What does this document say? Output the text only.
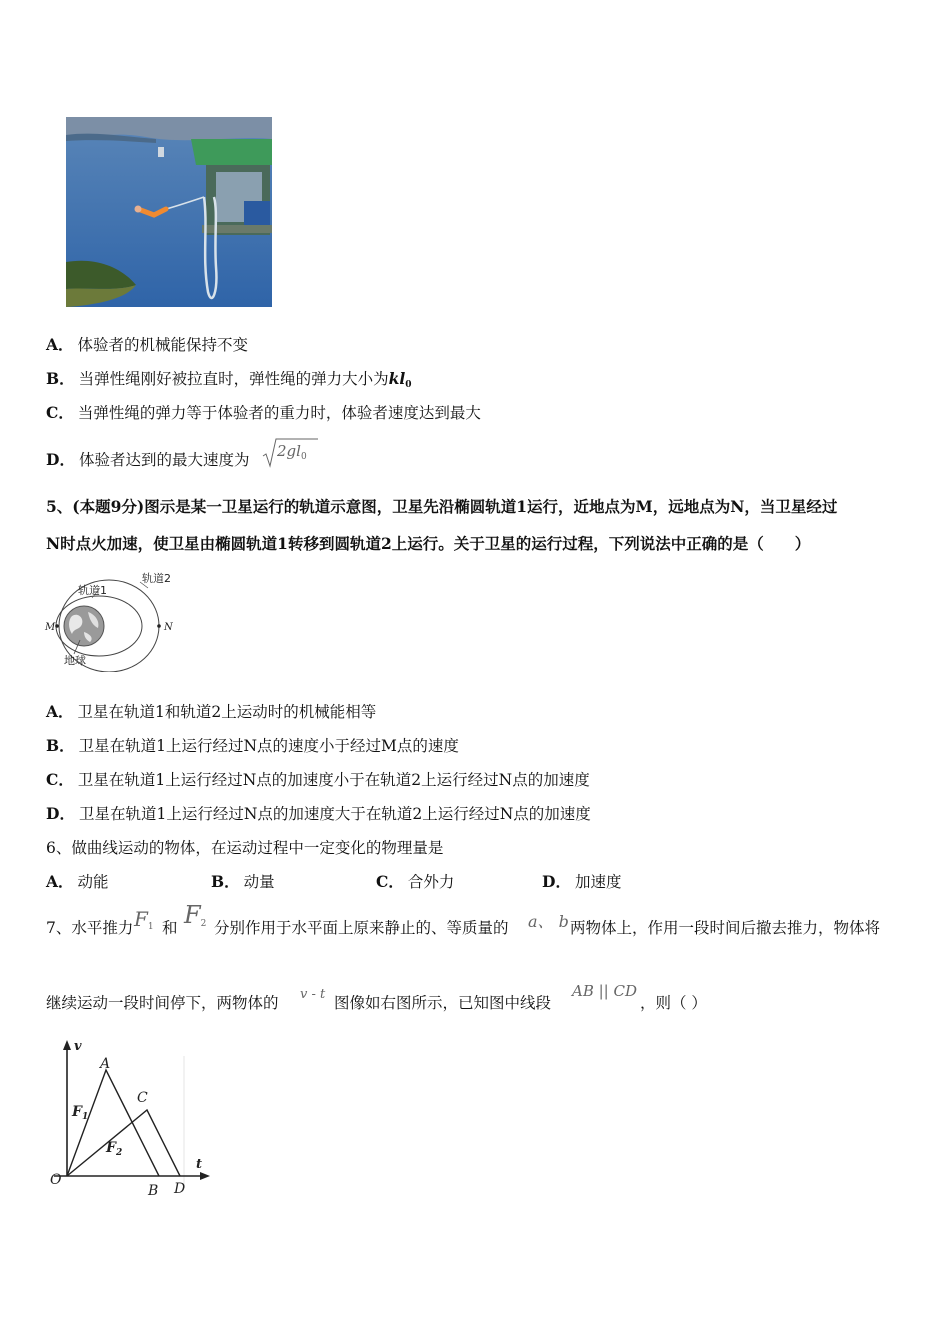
A． 体验者的机械能保持不变
B． 当弹性绳刚好被拉直时，弹性绳的弹力大小为$kl_0$
C． 当弹性绳的弹力等于体验者的重力时，体验者速度达到最大
D． 体验者达到的最大速度为 $2gl_0$
5、(本题9分)图示是某一卫星运行的轨道示意图，卫星先沿椭圆轨道1运行，近地点为M，远地点为N，当卫星经过
N时点火加速，使卫星由椭圆轨道1转移到圆轨道2上运行。关于卫星的运行过程，下列说法中正确的是（　　）
轨道1
轨道2
M	N
地球
A． 卫星在轨道1和轨道2上运动时的机械能相等
B． 卫星在轨道1上运行经过N点的速度小于经过M点的速度
C． 卫星在轨道1上运行经过N点的加速度小于在轨道2上运行经过N点的加速度
D． 卫星在轨道1上运行经过N点的加速度大于在轨道2上运行经过N点的加速度
6、做曲线运动的物体，在运动过程中一定变化的物理量是
A． 动能	B． 动量	C． 合外力	D． 加速度
7、水平推力 $F_1$ 和 $F_2$ 分别作用于水平面上原来静止的、等质量的 a、 b 两物体上，作用一段时间后撤去推力，物体将
继续运动一段时间停下，两物体的 v - t 图像如右图所示，已知图中线段
AB || CD
，则（ ）
v
t
A
C
O
B D
$F_1$
$F_2$
